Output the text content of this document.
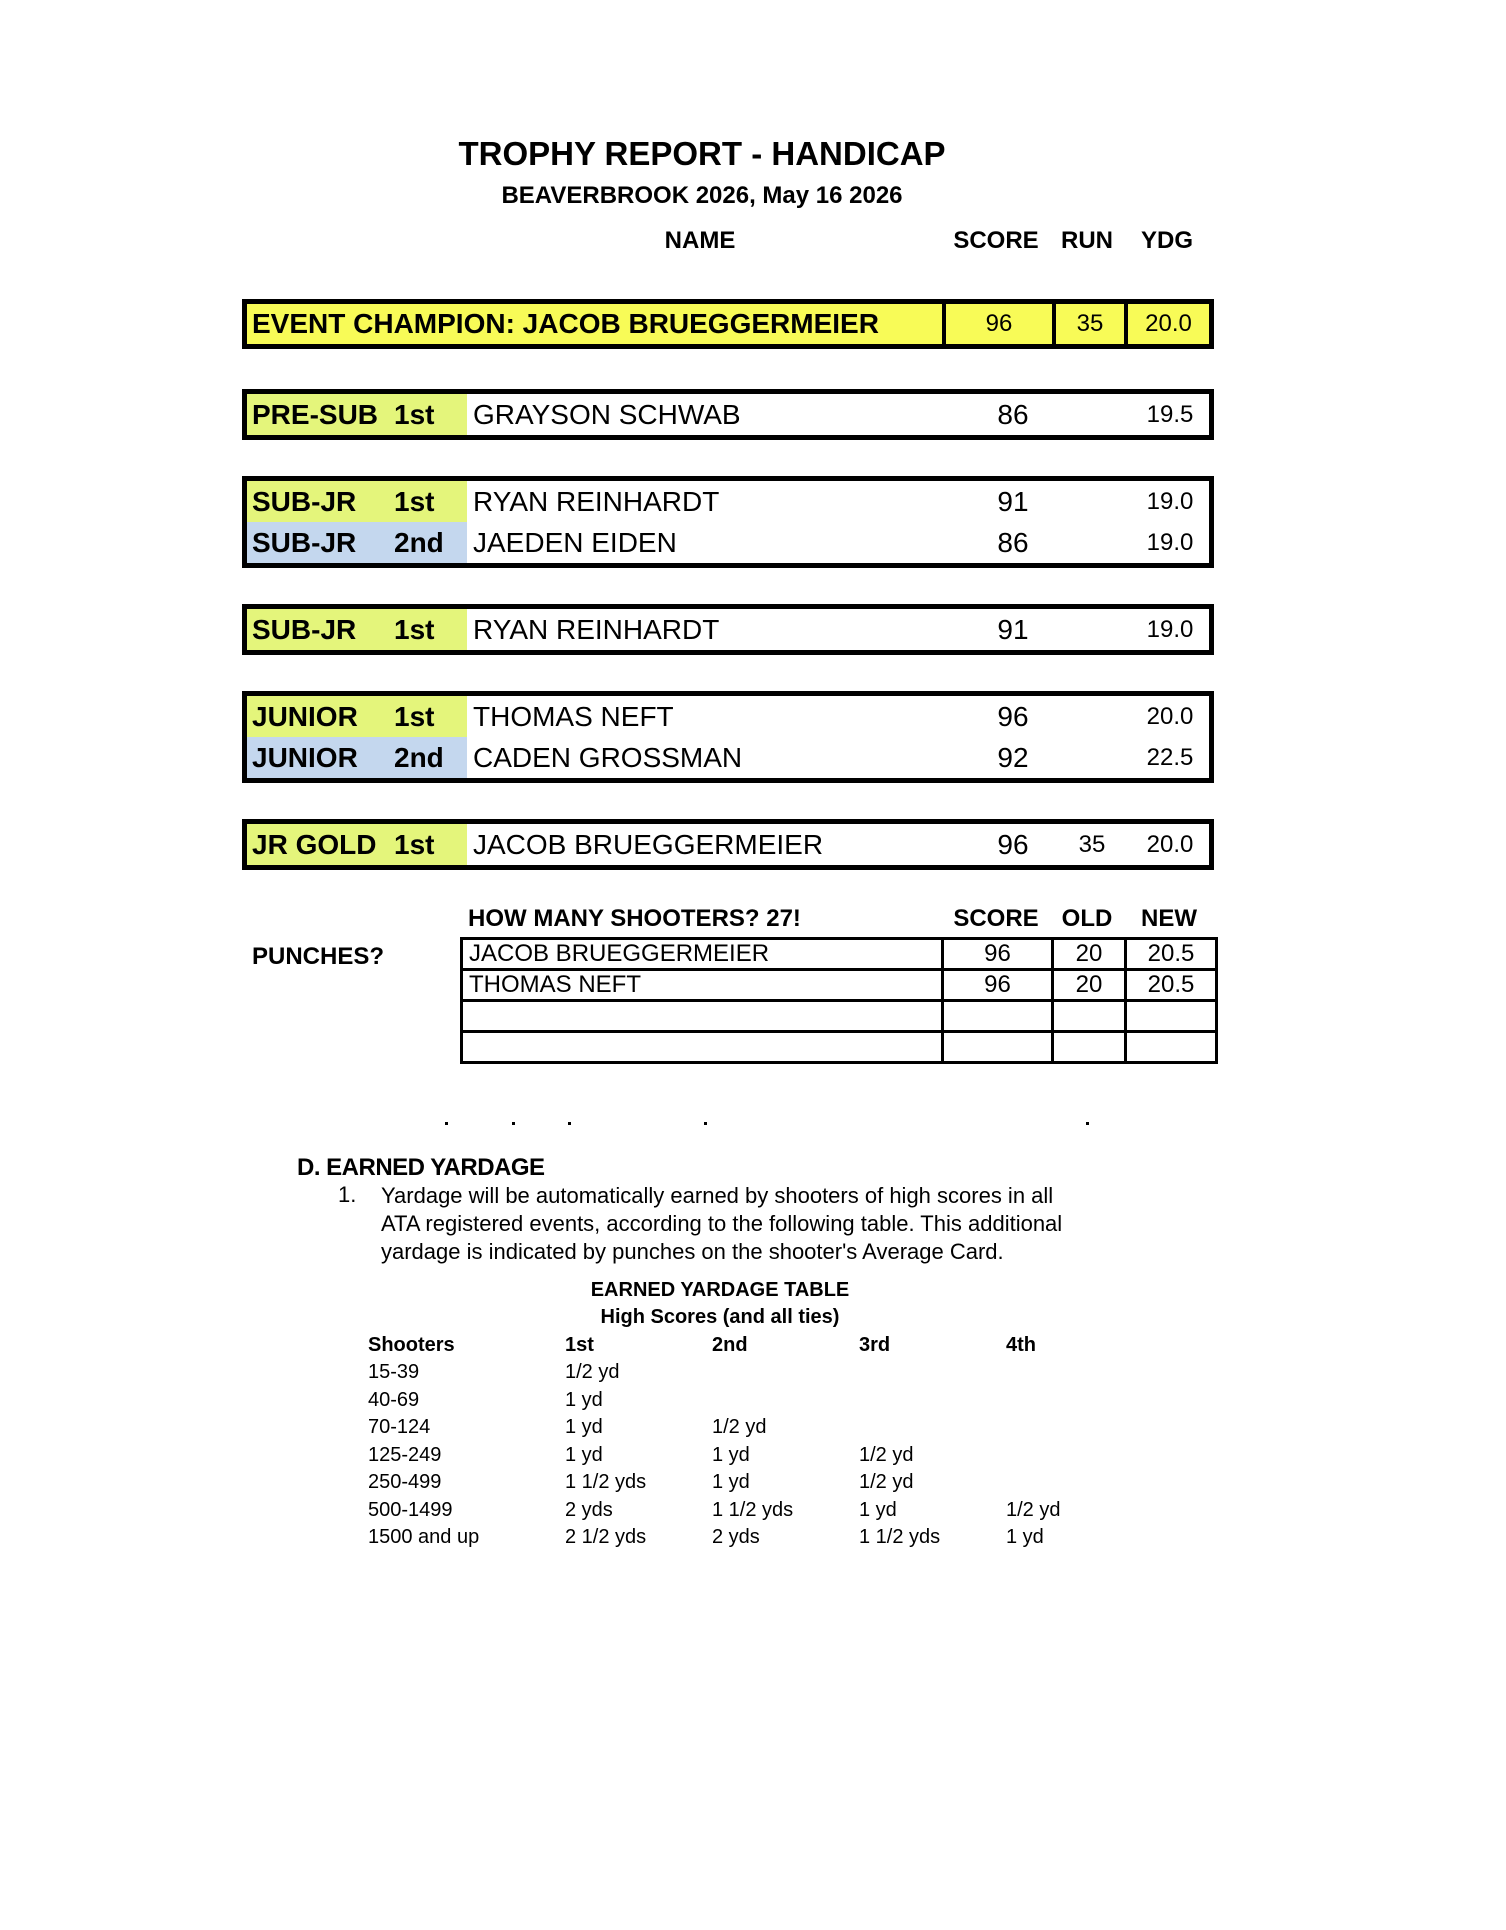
TROPHY REPORT - HANDICAP
BEAVERBROOK 2026, May 16 2026
NAME	SCORE RUN	YDG
EVENT CHAMPION: JACOB BRUEGGERMEIER	96	35	20.0
PRE-SUB 1st GRAYSON SCHWAB	86	19.5
SUB-JR 1st RYAN REINHARDT	91	19.0
SUB-JR 2nd JAEDEN EIDEN	86	19.0
SUB-JR 1st RYAN REINHARDT	91	19.0
JUNIOR 1st THOMAS NEFT	96	20.0
JUNIOR 2nd CADEN GROSSMAN	92	22.5
JR GOLD 1st JACOB BRUEGGERMEIER	96	35	20.0
PUNCHES?
HOW MANY SHOOTERS? 27!	SCORE OLD	NEW
JACOB BRUEGGERMEIER	96	20	20.5
THOMAS NEFT	96	20	20.5

D. EARNED YARDAGE
1. Yardage will be automatically earned by shooters of high scores in all
ATA registered events, according to the following table. This additional
yardage is indicated by punches on the shooter's Average Card.
EARNED YARDAGE TABLE
High Scores (and all ties)
Shooters	1st	2nd	3rd	4th
15-39	1/2 yd			
40-69	1 yd			
70-124	1 yd	1/2 yd		
125-249	1 yd	1 yd	1/2 yd	
250-499	1 1/2 yds	1 yd	1/2 yd	
500-1499	2 yds	1 1/2 yds	1 yd	1/2 yd
1500 and up	2 1/2 yds	2 yds	1 1/2 yds	1 yd
